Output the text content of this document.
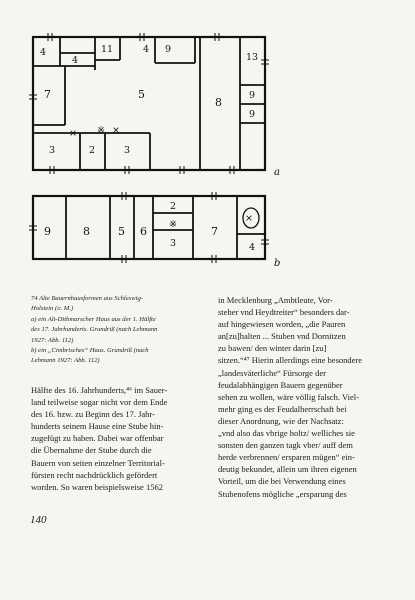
× ※ ×
4
4
11	4 9
7	5
3	2	3
8
13
9
9
a
※
×
9	8	5 6
2
3
7
4
b
74 Alte Bauernhausformen aus Schleswig-
Holstein (o. M.)
a) ein Alt-Dithmarscher Haus aus der 1. Hälfte
des 17. Jahrhunderts. Grundriß (nach Lehmann
1927: Abb. 112)
b) ein „Cimbrisches“ Haus. Grundriß (nach
Lehmann 1927: Abb. 112)
Hälfte des 16. Jahrhunderts,⁴⁶ im Sauer-
land teilweise sogar nicht vor dem Ende
des 16. bzw. zu Beginn des 17. Jahr-
hunderts seinem Hause eine Stube hin-
zugefügt zu haben. Dabei war offenbar
die Übernahme der Stube durch die
Bauern von seiten einzelner Territorial-
fürsten recht nachdrücklich gefördert
worden. So waren beispielsweise 1562
in Mecklenburg „Ambtleute, Vor-
steher vnd Heydtreiter“ besonders dar-
auf hingewiesen worden, „die Pauren
an[zu]halten ... Stuben vnd Dornitzen
zu bawen/ den winter darin [zu]
sitzen.“⁴⁷ Hierin allerdings eine besondere
„landesväterliche“ Fürsorge der
feudalabhängigen Bauern gegenüber
sehen zu wollen, wäre völlig falsch. Viel-
mehr ging es der Feudalherrschaft bei
dieser Anordnung, wie der Nachsatz:
„vnd also das vbrige holtz/ welliches sie
sonsten den ganzen tagk vber/ auff dem
herde verbrennen/ ersparen mügen“ ein-
deutig bekundet, allein um ihren eigenen
Vorteil, um die bei Verwendung eines
Stubenofens mögliche „ersparung des
140
